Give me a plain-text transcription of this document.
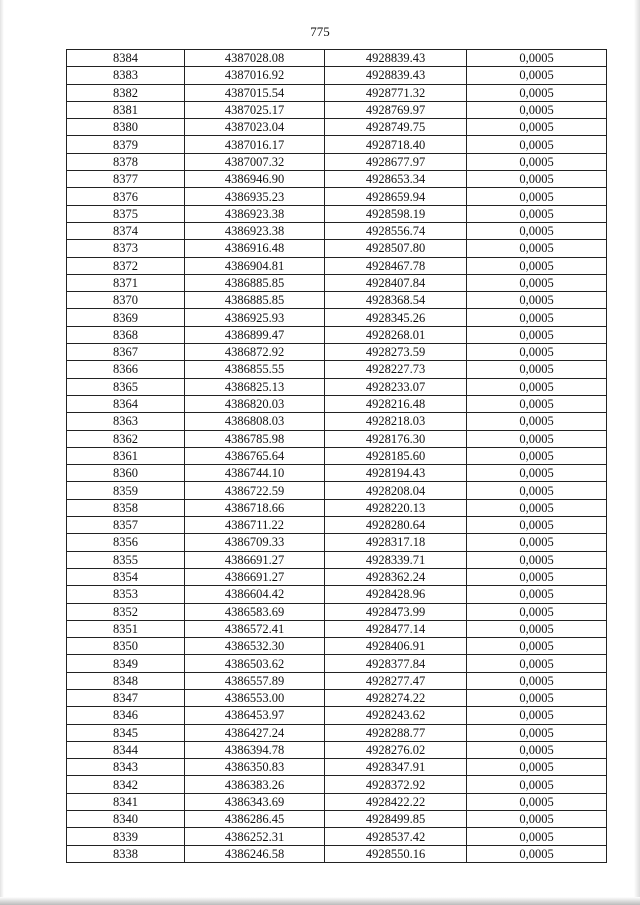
775
8384	4387028.08	4928839.43	0,0005
8383	4387016.92	4928839.43	0,0005
8382	4387015.54	4928771.32	0,0005
8381	4387025.17	4928769.97	0,0005
8380	4387023.04	4928749.75	0,0005
8379	4387016.17	4928718.40	0,0005
8378	4387007.32	4928677.97	0,0005
8377	4386946.90	4928653.34	0,0005
8376	4386935.23	4928659.94	0,0005
8375	4386923.38	4928598.19	0,0005
8374	4386923.38	4928556.74	0,0005
8373	4386916.48	4928507.80	0,0005
8372	4386904.81	4928467.78	0,0005
8371	4386885.85	4928407.84	0,0005
8370	4386885.85	4928368.54	0,0005
8369	4386925.93	4928345.26	0,0005
8368	4386899.47	4928268.01	0,0005
8367	4386872.92	4928273.59	0,0005
8366	4386855.55	4928227.73	0,0005
8365	4386825.13	4928233.07	0,0005
8364	4386820.03	4928216.48	0,0005
8363	4386808.03	4928218.03	0,0005
8362	4386785.98	4928176.30	0,0005
8361	4386765.64	4928185.60	0,0005
8360	4386744.10	4928194.43	0,0005
8359	4386722.59	4928208.04	0,0005
8358	4386718.66	4928220.13	0,0005
8357	4386711.22	4928280.64	0,0005
8356	4386709.33	4928317.18	0,0005
8355	4386691.27	4928339.71	0,0005
8354	4386691.27	4928362.24	0,0005
8353	4386604.42	4928428.96	0,0005
8352	4386583.69	4928473.99	0,0005
8351	4386572.41	4928477.14	0,0005
8350	4386532.30	4928406.91	0,0005
8349	4386503.62	4928377.84	0,0005
8348	4386557.89	4928277.47	0,0005
8347	4386553.00	4928274.22	0,0005
8346	4386453.97	4928243.62	0,0005
8345	4386427.24	4928288.77	0,0005
8344	4386394.78	4928276.02	0,0005
8343	4386350.83	4928347.91	0,0005
8342	4386383.26	4928372.92	0,0005
8341	4386343.69	4928422.22	0,0005
8340	4386286.45	4928499.85	0,0005
8339	4386252.31	4928537.42	0,0005
8338	4386246.58	4928550.16	0,0005
